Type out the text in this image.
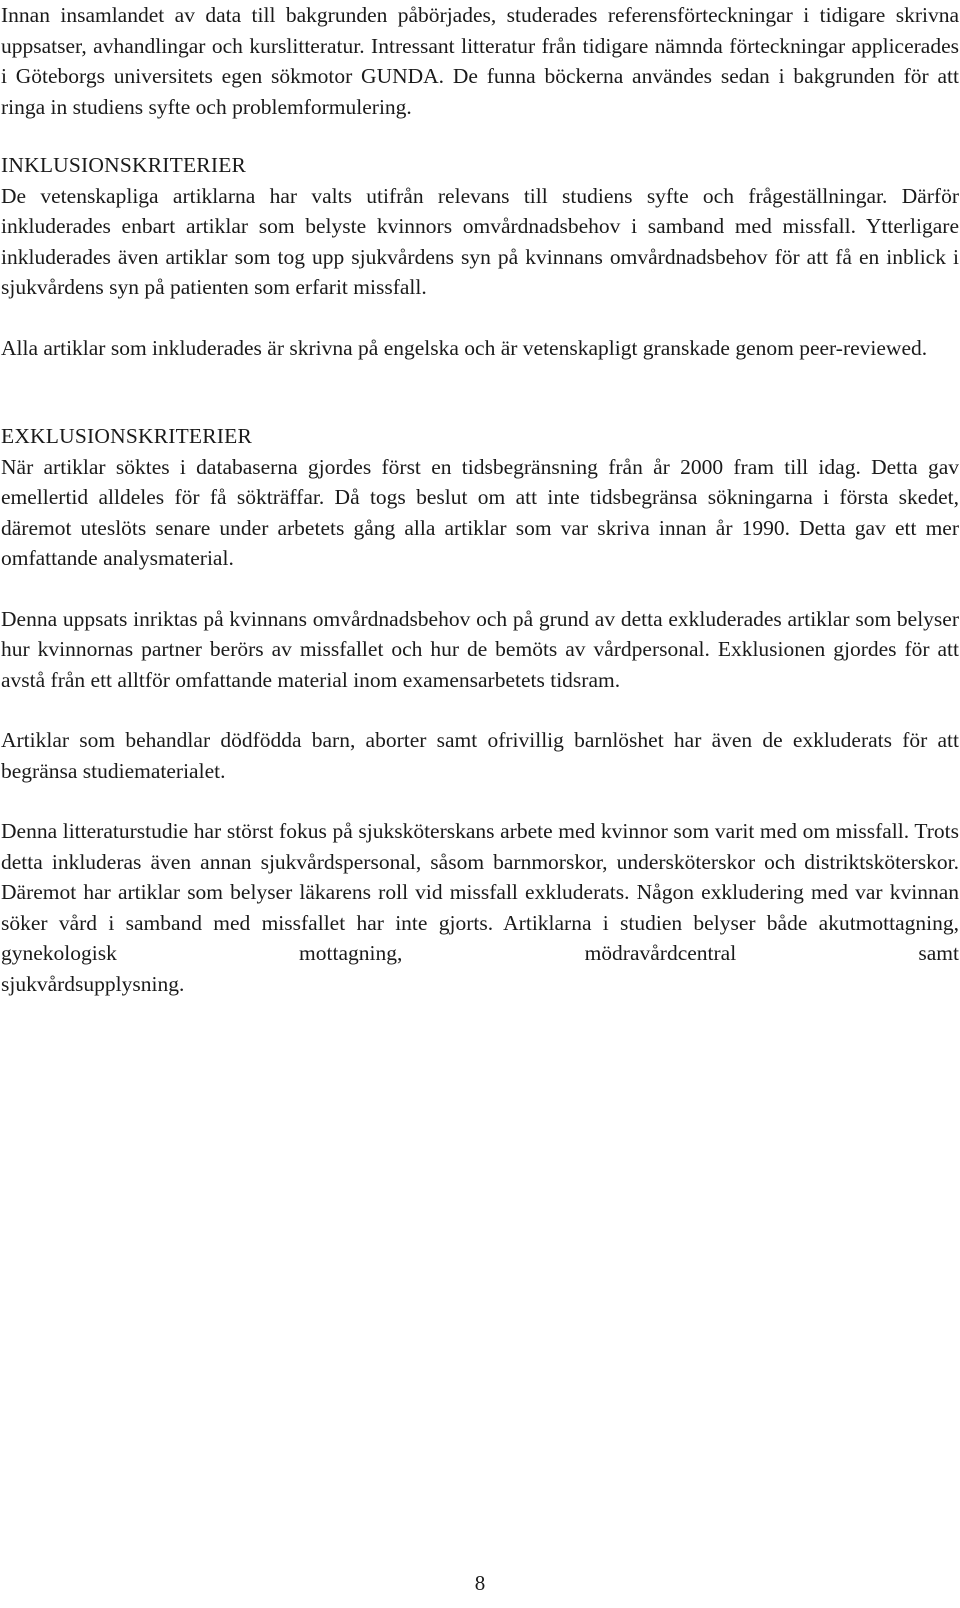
Innan insamlandet av data till bakgrunden påbörjades, studerades referensförteckningar i tidigare skrivna uppsatser, avhandlingar och kurslitteratur. Intressant litteratur från tidigare nämnda förteckningar applicerades i Göteborgs universitets egen sökmotor GUNDA. De funna böckerna användes sedan i bakgrunden för att ringa in studiens syfte och problemformulering.

INKLUSIONSKRITERIER

De vetenskapliga artiklarna har valts utifrån relevans till studiens syfte och frågeställningar. Därför inkluderades enbart artiklar som belyste kvinnors omvårdnadsbehov i samband med missfall. Ytterligare inkluderades även artiklar som tog upp sjukvårdens syn på kvinnans omvårdnadsbehov för att få en inblick i sjukvårdens syn på patienten som erfarit missfall.

Alla artiklar som inkluderades är skrivna på engelska och är vetenskapligt granskade genom peer-reviewed.

EXKLUSIONSKRITERIER

När artiklar söktes i databaserna gjordes först en tidsbegränsning från år 2000 fram till idag. Detta gav emellertid alldeles för få sökträffar. Då togs beslut om att inte tidsbegränsa sökningarna i första skedet, däremot uteslöts senare under arbetets gång alla artiklar som var skriva innan år 1990. Detta gav ett mer omfattande analysmaterial.

Denna uppsats inriktas på kvinnans omvårdnadsbehov och på grund av detta exkluderades artiklar som belyser hur kvinnornas partner berörs av missfallet och hur de bemöts av vårdpersonal. Exklusionen gjordes för att avstå från ett alltför omfattande material inom examensarbetets tidsram.

Artiklar som behandlar dödfödda barn, aborter samt ofrivillig barnlöshet har även de exkluderats för att begränsa studiematerialet.

Denna litteraturstudie har störst fokus på sjuksköterskans arbete med kvinnor som varit med om missfall. Trots detta inkluderas även annan sjukvårdspersonal, såsom barnmorskor, undersköterskor och distriktsköterskor. Däremot har artiklar som belyser läkarens roll vid missfall exkluderats. Någon exkludering med var kvinnan söker vård i samband med missfallet har inte gjorts. Artiklarna i studien belyser både akutmottagning, gynekologisk mottagning, mödravårdcentral samt

sjukvårdsupplysning.

8
